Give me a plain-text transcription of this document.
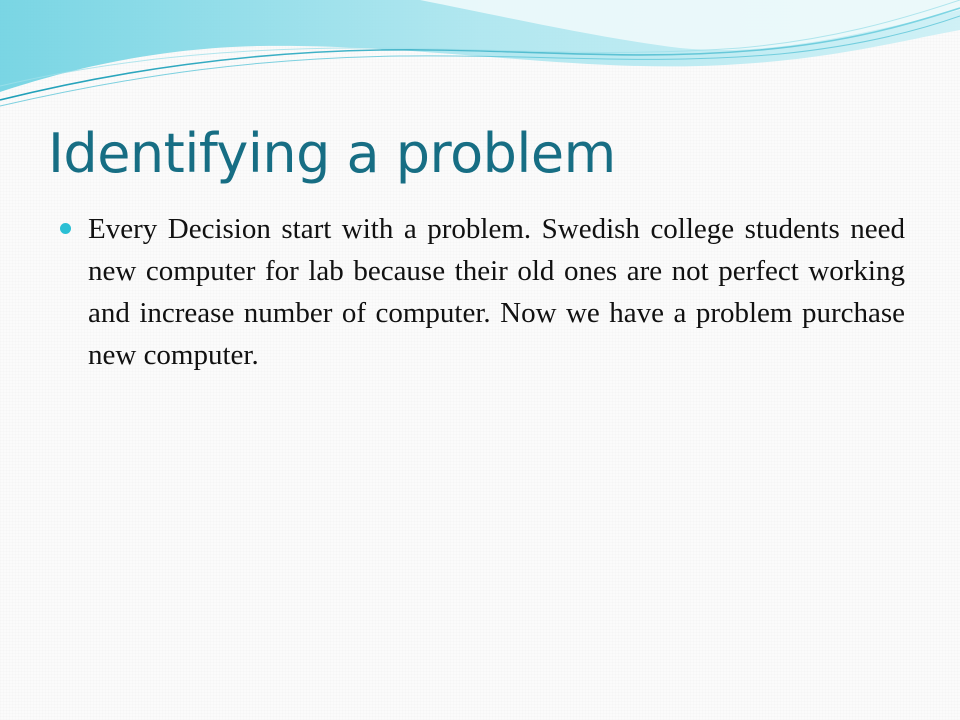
Identifying a problem
Every Decision start with a problem. Swedish college students need new computer for lab because their old ones are not perfect working and increase number of computer. Now we have a problem purchase new computer.
